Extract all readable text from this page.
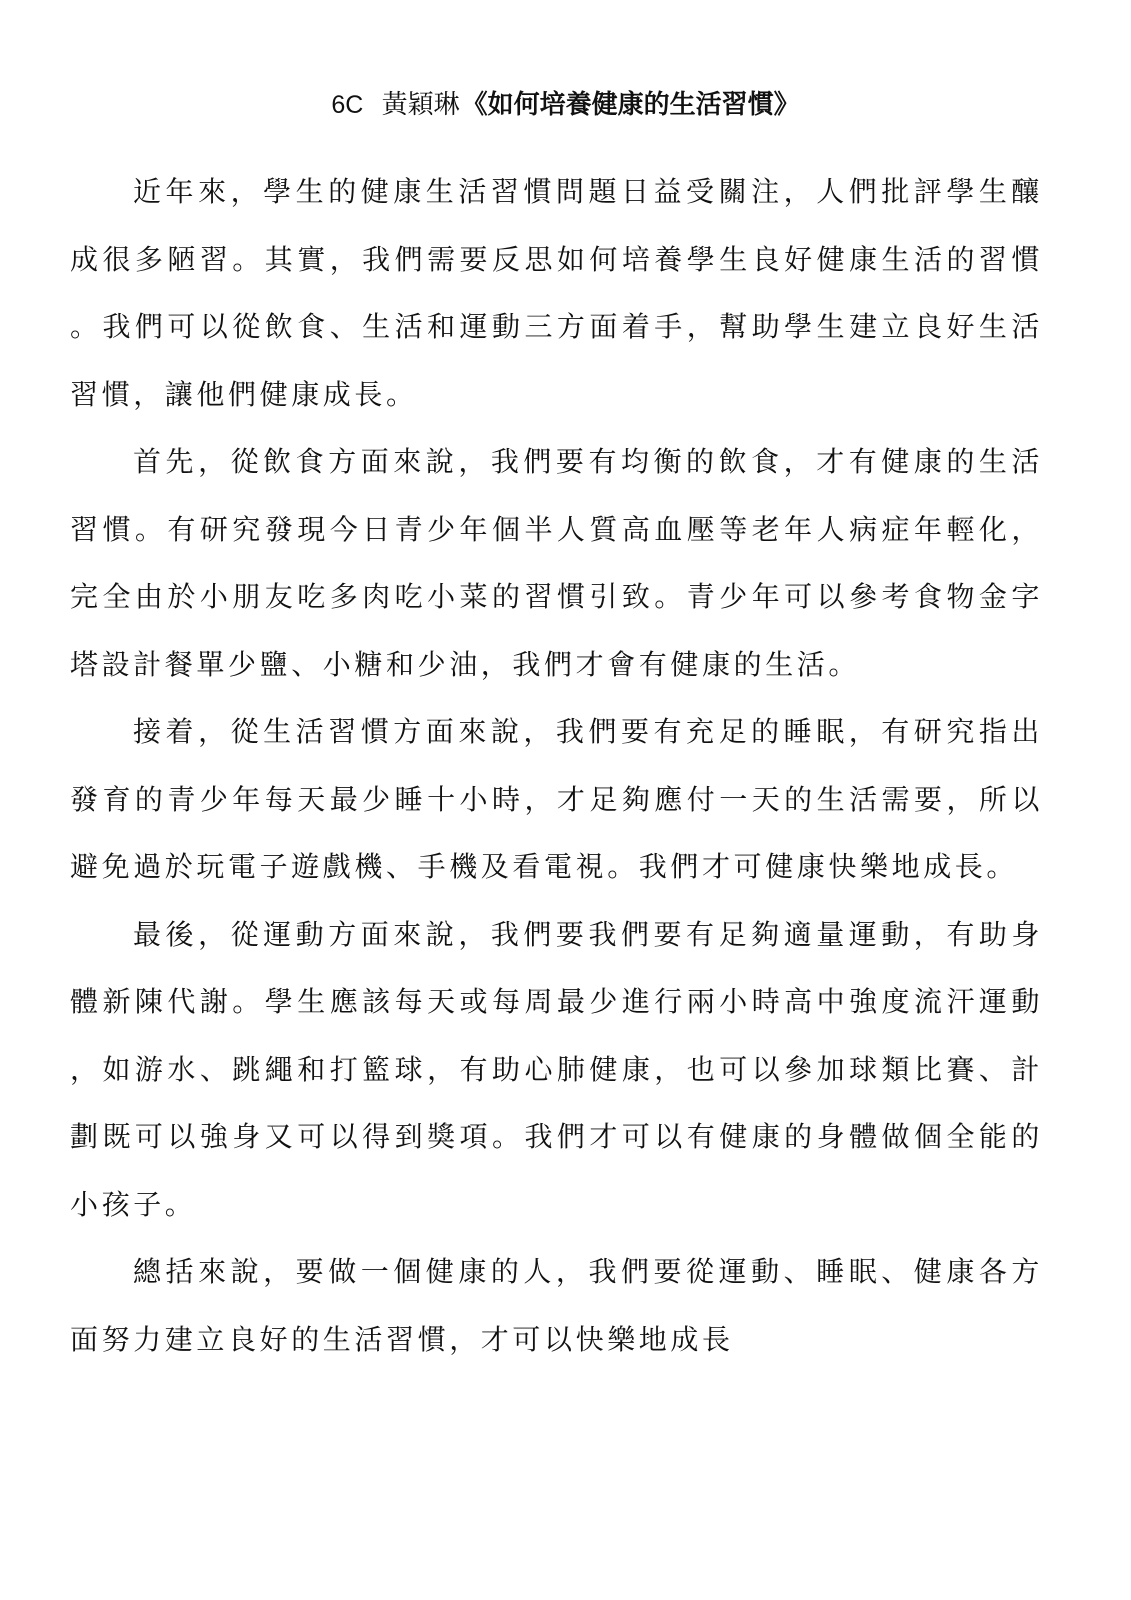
6C 黃穎琳《如何培養健康的生活習慣》

近年來，學生的健康生活習慣問題日益受關注，人們批評學生釀成很多陋習。其實，我們需要反思如何培養學生良好健康生活的習慣。我們可以從飲食、生活和運動三方面着手，幫助學生建立良好生活習慣，讓他們健康成長。

首先，從飲食方面來說，我們要有均衡的飲食，才有健康的生活習慣。有研究發現今日青少年個半人質高血壓等老年人病症年輕化，完全由於小朋友吃多肉吃小菜的習慣引致。青少年可以參考食物金字塔設計餐單少鹽、小糖和少油，我們才會有健康的生活。

接着，從生活習慣方面來說，我們要有充足的睡眠，有研究指出發育的青少年每天最少睡十小時，才足夠應付一天的生活需要，所以避免過於玩電子遊戲機、手機及看電視。我們才可健康快樂地成長。

最後，從運動方面來說，我們要我們要有足夠適量運動，有助身體新陳代謝。學生應該每天或每周最少進行兩小時高中強度流汗運動，如游水、跳繩和打籃球，有助心肺健康，也可以參加球類比賽、計劃既可以強身又可以得到獎項。我們才可以有健康的身體做個全能的小孩子。

總括來說，要做一個健康的人，我們要從運動、睡眠、健康各方面努力建立良好的生活習慣，才可以快樂地成長
